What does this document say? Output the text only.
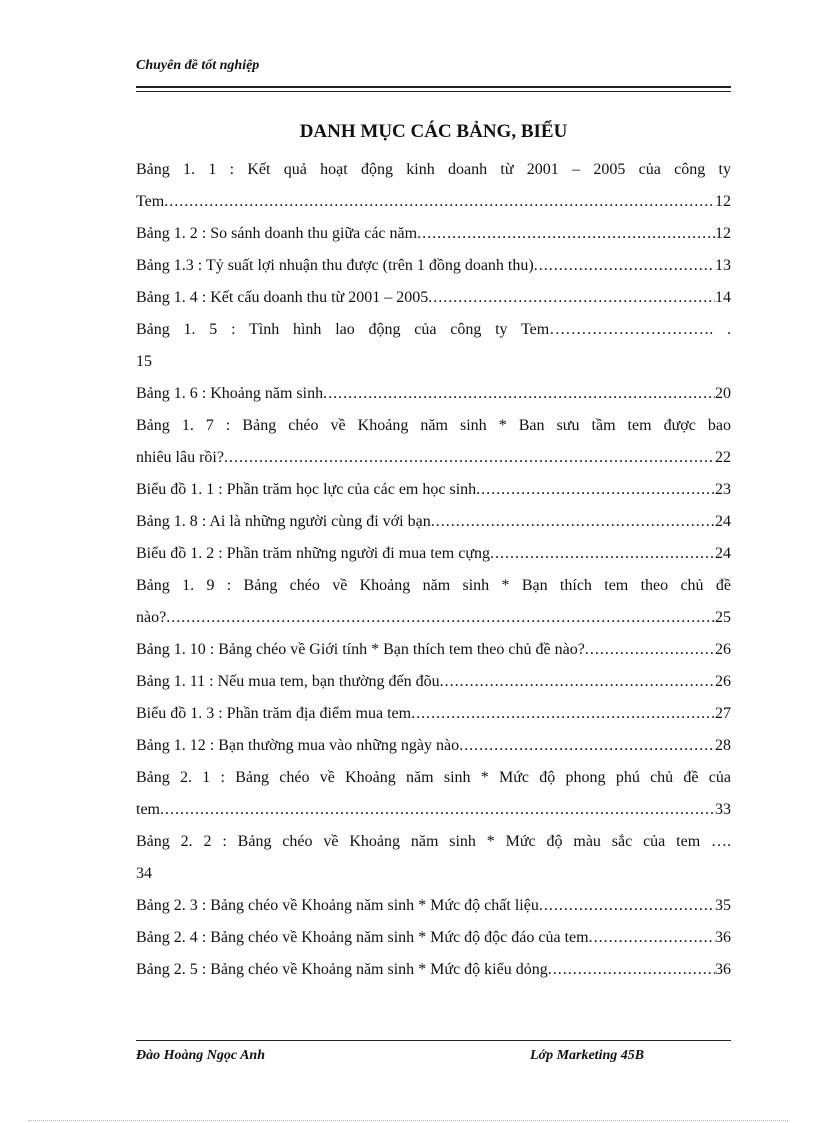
Chuyên đề tốt nghiệp
DANH MỤC CÁC BẢNG, BIỂU
Bảng 1. 1 : Kết quả hoạt động kinh doanh từ 2001 – 2005 của công ty
Tem .....	12
Bảng 1. 2 : So sánh doanh thu giữa các năm .....	12
Bảng 1.3 : Tỷ suất lợi nhuận thu được (trên 1 đồng doanh thu) .....	13
Bảng 1. 4 : Kết cấu doanh thu từ 2001 – 2005 .....	14
Bảng 1. 5 : Tình hình lao động của công ty Tem…………………………. .
15
Bảng 1. 6 : Khoảng năm sinh .....	20
Bảng 1. 7 : Bảng chéo về Khoảng năm sinh * Ban sưu tầm tem được bao
nhiêu lâu rồi? .....	22
Biểu đồ 1. 1 : Phần trăm học lực của các em học sinh .....	23
Bảng 1. 8 : Ai là những người cùng đi với bạn .....	24
Biểu đồ 1. 2 : Phần trăm những người đi mua tem cựng .....	24
Bảng 1. 9 : Bảng chéo về Khoảng năm sinh * Bạn thích tem theo chủ đề
nào? .....	25
Bảng 1. 10 : Bảng chéo về Giới tính * Bạn thích tem theo chủ đề nào? .....	26
Bảng 1. 11 : Nếu mua tem, bạn thường đến đõu .....	26
Biểu đồ 1. 3 : Phần trăm địa điểm mua tem .....	27
Bảng 1. 12 : Bạn thường mua vào những ngày nào .....	28
Bảng 2. 1 : Bảng chéo về Khoảng năm sinh * Mức độ phong phú chủ đề của
tem .....	33
Bảng 2. 2 : Bảng chéo về Khoảng năm sinh * Mức độ màu sắc của tem ….
34
Bảng 2. 3 : Bảng chéo về Khoảng năm sinh * Mức độ chất liệu .....	35
Bảng 2. 4 : Bảng chéo về Khoảng năm sinh * Mức độ độc đáo của tem .....	36
Bảng 2. 5 : Bảng chéo về Khoảng năm sinh * Mức độ kiểu dỏng .....	36
Đào Hoàng Ngọc Anh	Lớp Marketing 45B
